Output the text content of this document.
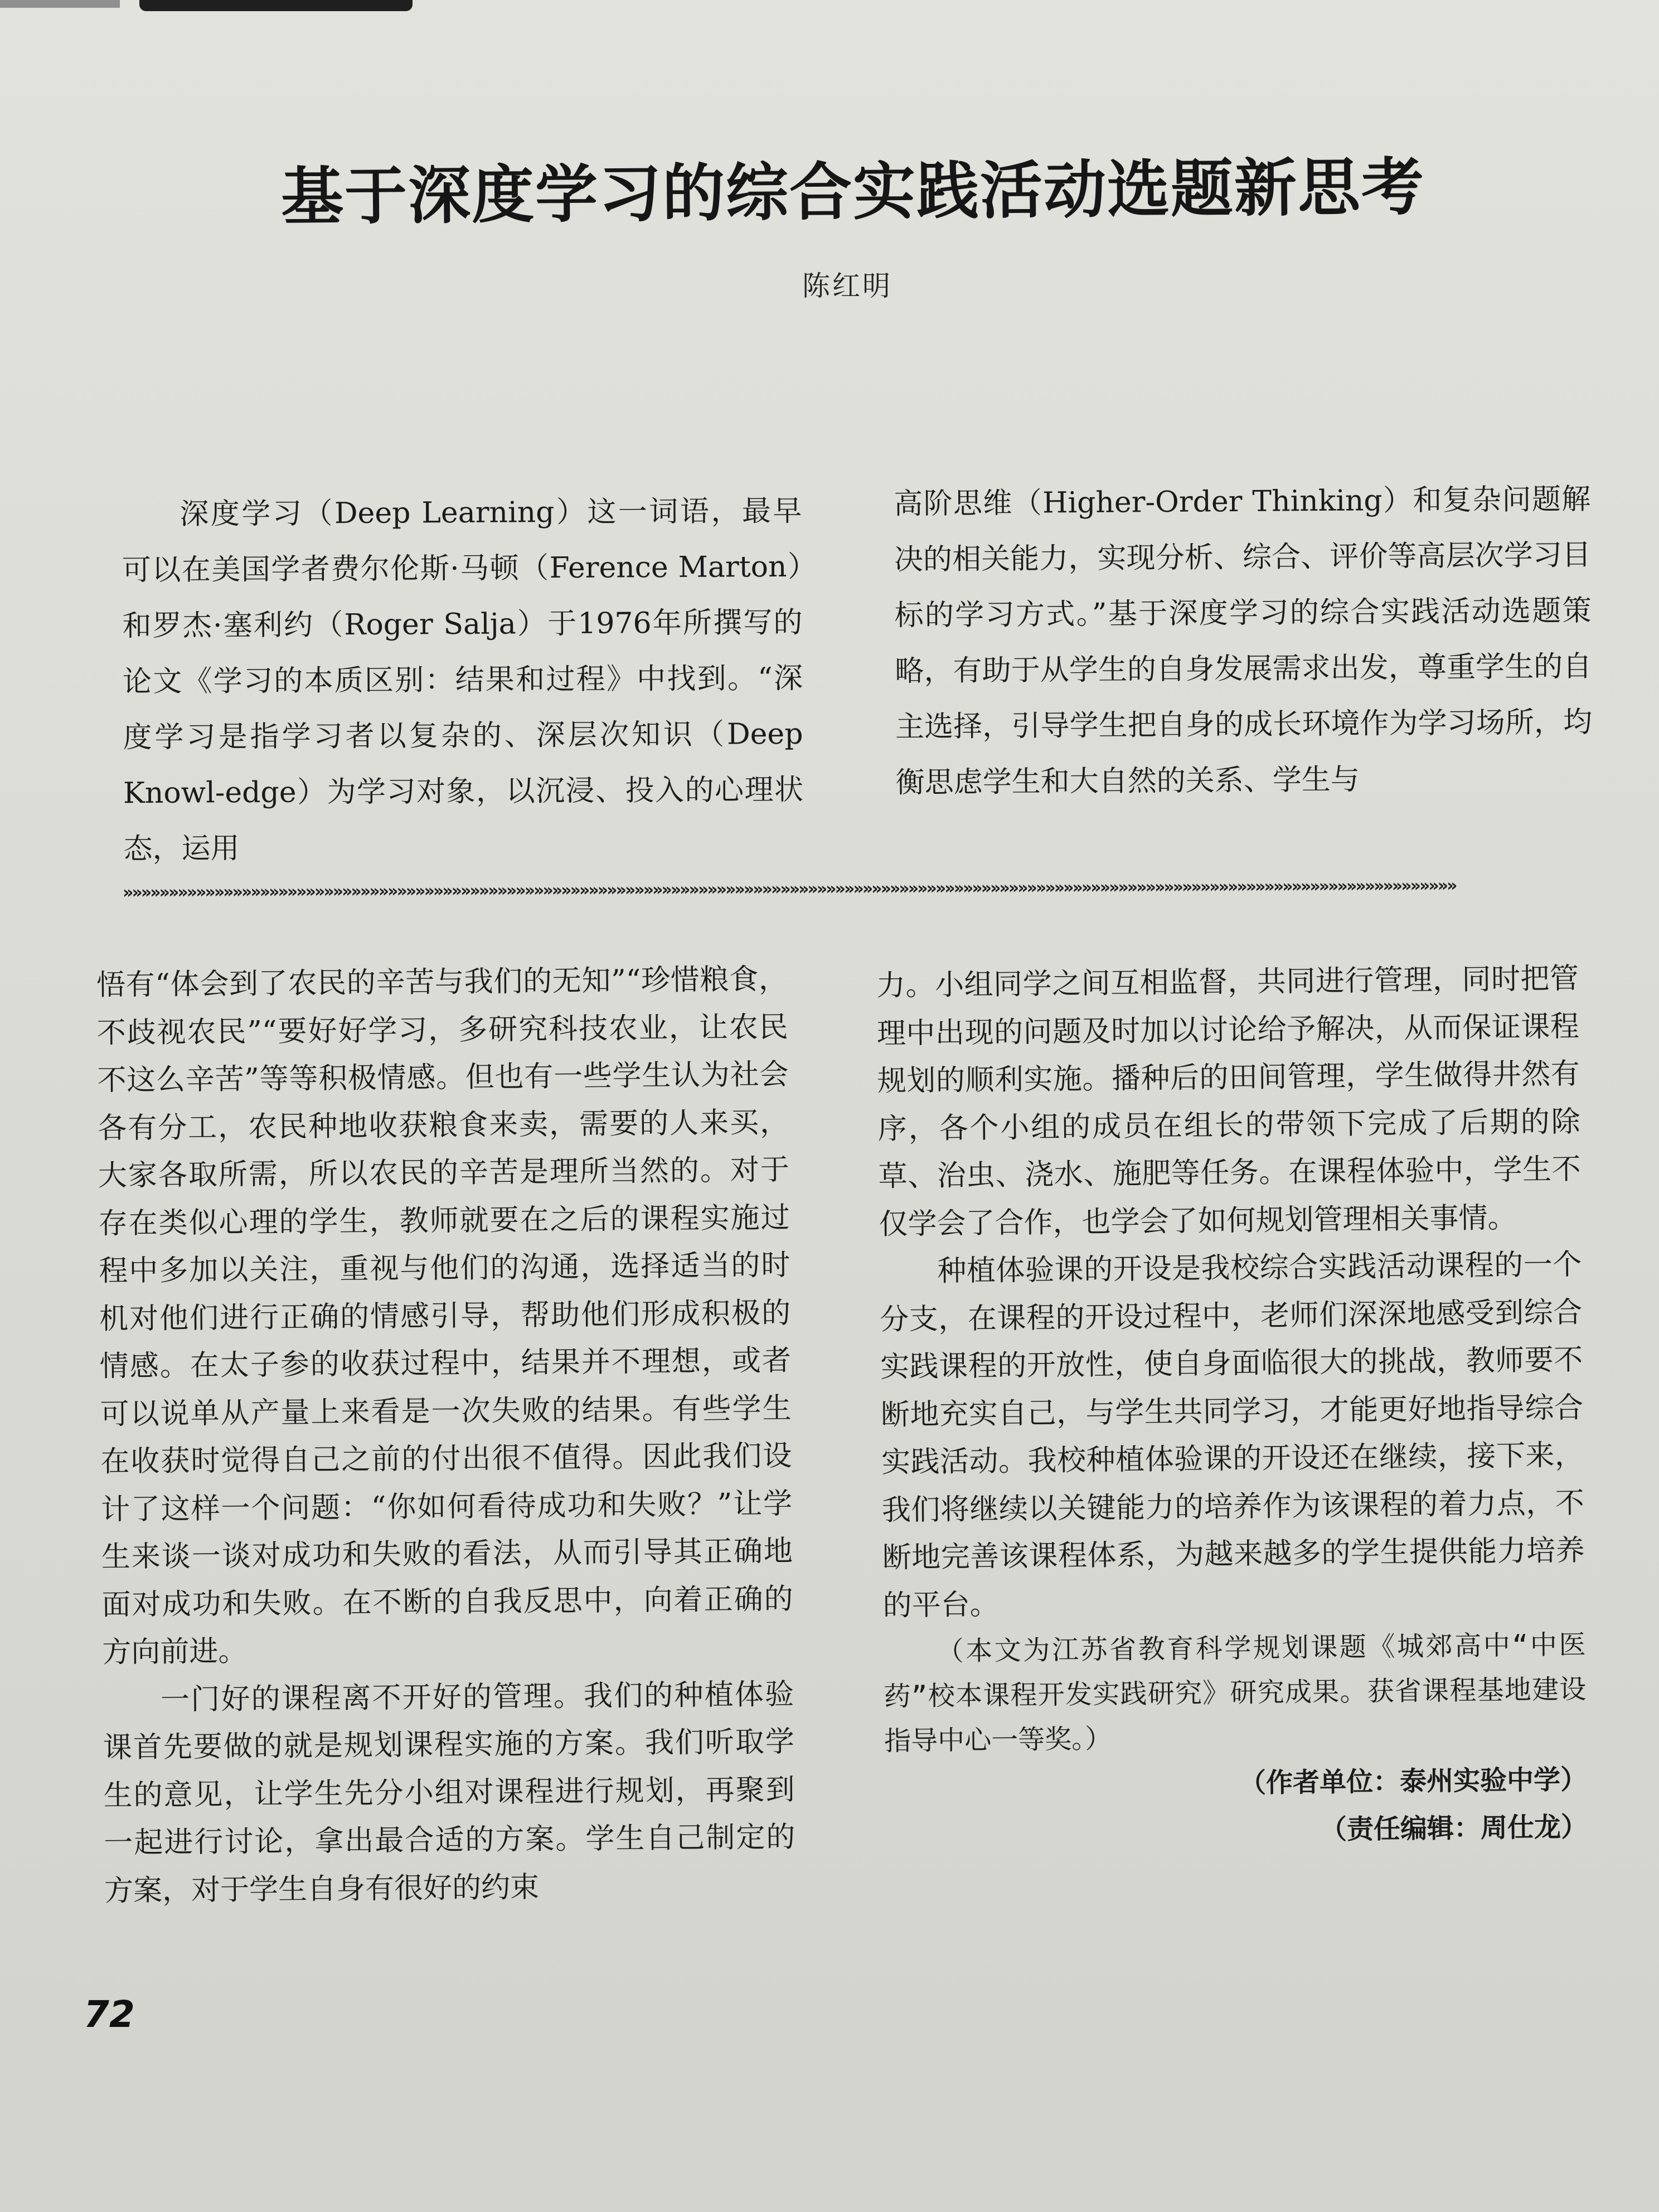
基于深度学习的综合实践活动选题新思考
陈红明

深度学习（Deep Learning）这一词语，最早可以在美国学者费尔伦斯·马顿（Ference Marton）和罗杰·塞利约（Roger Salja）于1976年所撰写的论文《学习的本质区别：结果和过程》中找到。“深度学习是指学习者以复杂的、深层次知识（Deep Knowl-edge）为学习对象，以沉浸、投入的心理状态，运用

高阶思维（Higher-Order Thinking）和复杂问题解决的相关能力，实现分析、综合、评价等高层次学习目标的学习方式。”基于深度学习的综合实践活动选题策略，有助于从学生的自身发展需求出发，尊重学生的自主选择，引导学生把自身的成长环境作为学习场所，均衡思虑学生和大自然的关系、学生与

»»»»»»»»»»»»»»»»»»»»»»»»»»»»»»»»»»»»»»»»»»»»»»»»»»»»»»»»»»»»»»»»»»»»»»»»»»»»»»»»»»»»»»»»»»»»»»»»»»»»»»»»»»»»»»»»»»»»»»»»»»»»»»»»»»»»»»»»»»»»»»»»»»

悟有“体会到了农民的辛苦与我们的无知”“珍惜粮食，不歧视农民”“要好好学习，多研究科技农业，让农民不这么辛苦”等等积极情感。但也有一些学生认为社会各有分工，农民种地收获粮食来卖，需要的人来买，大家各取所需，所以农民的辛苦是理所当然的。对于存在类似心理的学生，教师就要在之后的课程实施过程中多加以关注，重视与他们的沟通，选择适当的时机对他们进行正确的情感引导，帮助他们形成积极的情感。在太子参的收获过程中，结果并不理想，或者可以说单从产量上来看是一次失败的结果。有些学生在收获时觉得自己之前的付出很不值得。因此我们设计了这样一个问题：“你如何看待成功和失败？”让学生来谈一谈对成功和失败的看法，从而引导其正确地面对成功和失败。在不断的自我反思中，向着正确的方向前进。

一门好的课程离不开好的管理。我们的种植体验课首先要做的就是规划课程实施的方案。我们听取学生的意见，让学生先分小组对课程进行规划，再聚到一起进行讨论，拿出最合适的方案。学生自己制定的方案，对于学生自身有很好的约束

力。小组同学之间互相监督，共同进行管理，同时把管理中出现的问题及时加以讨论给予解决，从而保证课程规划的顺利实施。播种后的田间管理，学生做得井然有序，各个小组的成员在组长的带领下完成了后期的除草、治虫、浇水、施肥等任务。在课程体验中，学生不仅学会了合作，也学会了如何规划管理相关事情。

种植体验课的开设是我校综合实践活动课程的一个分支，在课程的开设过程中，老师们深深地感受到综合实践课程的开放性，使自身面临很大的挑战，教师要不断地充实自己，与学生共同学习，才能更好地指导综合实践活动。我校种植体验课的开设还在继续，接下来，我们将继续以关键能力的培养作为该课程的着力点，不断地完善该课程体系，为越来越多的学生提供能力培养的平台。

（本文为江苏省教育科学规划课题《城郊高中“中医药”校本课程开发实践研究》研究成果。获省课程基地建设指导中心一等奖。）

（作者单位：泰州实验中学）

（责任编辑：周仕龙）

72
